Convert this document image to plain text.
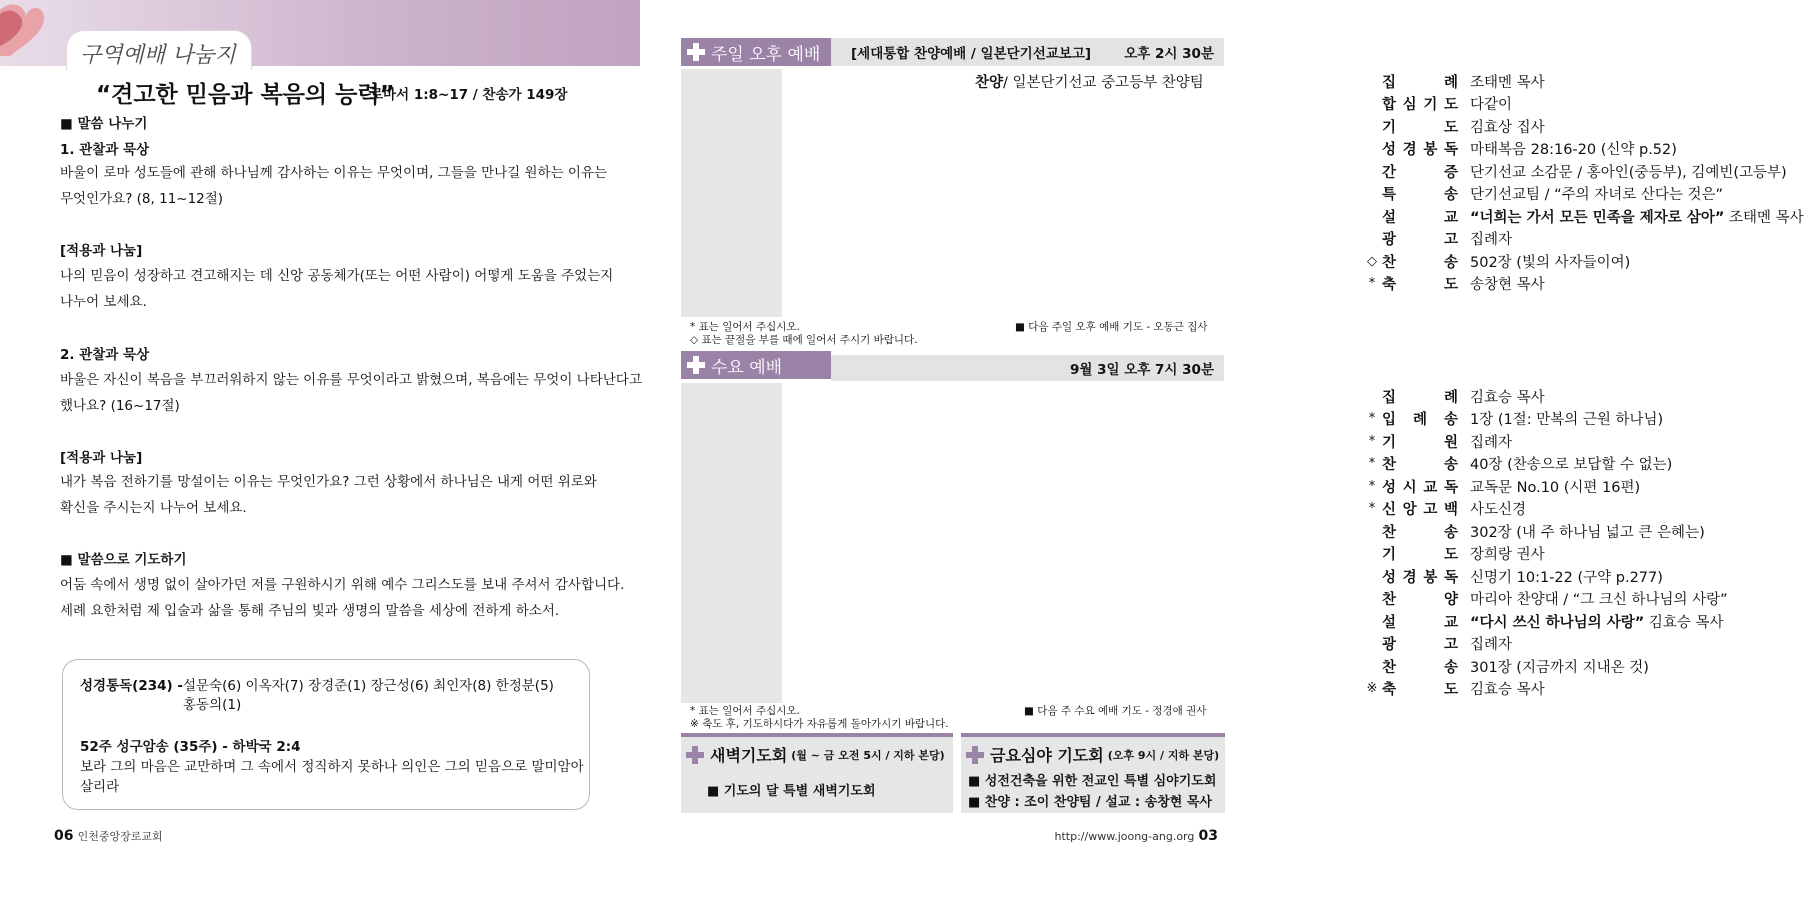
구역예배 나눔지
“견고한 믿음과 복음의 능력”
로마서 1:8~17 / 찬송가 149장
■ 말씀 나누기
1. 관찰과 묵상
바울이 로마 성도들에 관해 하나님께 감사하는 이유는 무엇이며, 그들을 만나길 원하는 이유는
무엇인가요? (8, 11~12절)
[적용과 나눔]
나의 믿음이 성장하고 견고해지는 데 신앙 공동체가(또는 어떤 사람이) 어떻게 도움을 주었는지
나누어 보세요.
2. 관찰과 묵상
바울은 자신이 복음을 부끄러워하지 않는 이유를 무엇이라고 밝혔으며, 복음에는 무엇이 나타난다고
했나요? (16~17절)
[적용과 나눔]
내가 복음 전하기를 망설이는 이유는 무엇인가요? 그런 상황에서 하나님은 내게 어떤 위로와
확신을 주시는지 나누어 보세요.
■ 말씀으로 기도하기
어둠 속에서 생명 없이 살아가던 저를 구원하시기 위해 예수 그리스도를 보내 주셔서 감사합니다.
세례 요한처럼 제 입술과 삶을 통해 주님의 빛과 생명의 말씀을 세상에 전하게 하소서.
성경통독(234) - 설문숙(6) 이옥자(7) 장경준(1) 장근성(6) 최인자(8) 한정분(5)
홍동의(1)
52주 성구암송 (35주) - 하박국 2:4
보라 그의 마음은 교만하며 그 속에서 정직하지 못하나 의인은 그의 믿음으로 말미암아
살리라
06 인천중앙장로교회
주일 오후 예배 [세대통합 찬양예배 / 일본단기선교보고] 오후 2시 30분
집	례 조태멘 목사
합 심 기 도 다같이
기	도 김효상 집사
성 경 봉 독 마태복음 28:16-20 (신약 p.52)
간	증 단기선교 소감문 / 홍아인(중등부), 김예빈(고등부)
특	송 단기선교팀 / “주의 자녀로 산다는 것은”
설	교 “너희는 가서 모든 민족을 제자로 삼아” 조태멘 목사
광	고 집례자
◇ 찬	송 502장 (빛의 사자들이여)
* 축	도 송창현 목사
찬양 / 일본단기선교 중고등부 찬양팀
* 표는 일어서 주십시오.
◇ 표는 끝절을 부를 때에 일어서 주시기 바랍니다.
■ 다음 주일 오후 예배 기도 - 오동근 집사
수요 예배	9월 3일 오후 7시 30분
집	례 김효승 목사
* 입 례 송 1장 (1절: 만복의 근원 하나님)
* 기	원 집례자
* 찬	송 40장 (찬송으로 보답할 수 없는)
* 성 시 교 독 교독문 No.10 (시편 16편)
* 신 앙 고 백 사도신경
찬	송 302장 (내 주 하나님 넓고 큰 은혜는)
기	도 장희랑 권사
성 경 봉 독 신명기 10:1-22 (구약 p.277)
찬	양 마리아 찬양대 / “그 크신 하나님의 사랑”
설	교 “다시 쓰신 하나님의 사랑” 김효승 목사
광	고 집례자
찬	송 301장 (지금까지 지내온 것)
※ 축	도 김효승 목사
* 표는 일어서 주십시오.
※ 축도 후, 기도하시다가 자유롭게 돌아가시기 바랍니다.
■ 다음 주 수요 예배 기도 - 정경애 권사
새벽기도회 (월 ~ 금 오전 5시 / 지하 본당)
■ 기도의 달 특별 새벽기도회
금요심야 기도회 (오후 9시 / 지하 본당)
■ 성전건축을 위한 전교인 특별 심야기도회
■ 찬양 : 조이 찬양팀 / 설교 : 송창현 목사
http://www.joong-ang.org 03
